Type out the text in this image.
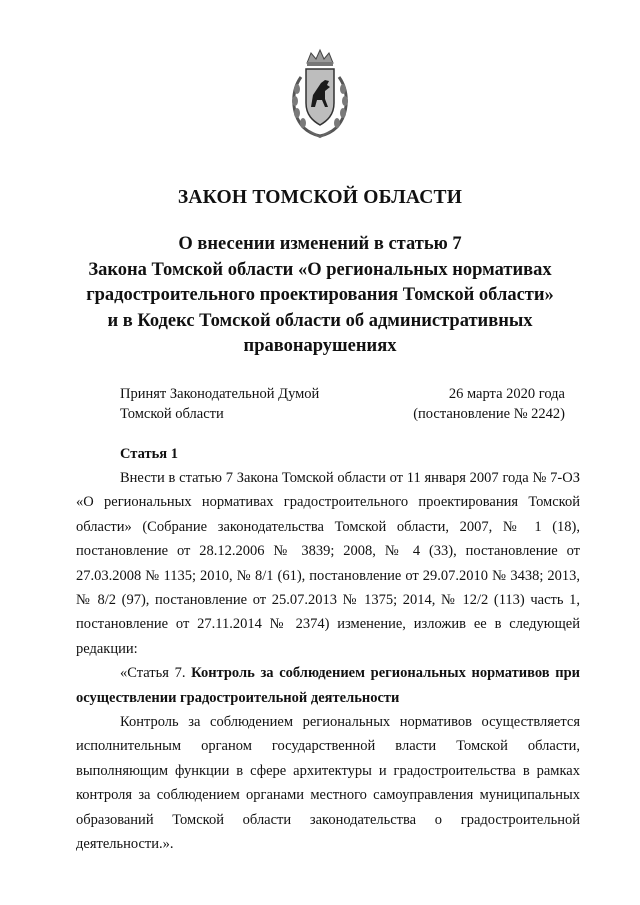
ЗАКОН ТОМСКОЙ ОБЛАСТИ
О внесении изменений в статью 7
Закона Томской области «О региональных нормативах
градостроительного проектирования Томской области»
и в Кодекс Томской области об административных
правонарушениях
Принят Законодательной Думой
Томской области
26 марта 2020 года
(постановление № 2242)
Статья 1

Внести в статью 7 Закона Томской области от 11 января 2007 года № 7-ОЗ «О региональных нормативах градостроительного проектирования Томской области» (Собрание законодательства Томской области, 2007, № 1 (18), постановление от 28.12.2006 № 3839; 2008, № 4 (33), постановление от 27.03.2008 № 1135; 2010, № 8/1 (61), постановление от 29.07.2010 № 3438; 2013, № 8/2 (97), постановление от 25.07.2013 № 1375; 2014, № 12/2 (113) часть 1, постановление от 27.11.2014 № 2374) изменение, изложив ее в следующей редакции:

«Статья 7. Контроль за соблюдением региональных нормативов при осуществлении градостроительной деятельности

Контроль за соблюдением региональных нормативов осуществляется исполнительным органом государственной власти Томской области, выполняющим функции в сфере архитектуры и градостроительства в рамках контроля за соблюдением органами местного самоуправления муниципальных образований Томской области законодательства о градостроительной деятельности.».
